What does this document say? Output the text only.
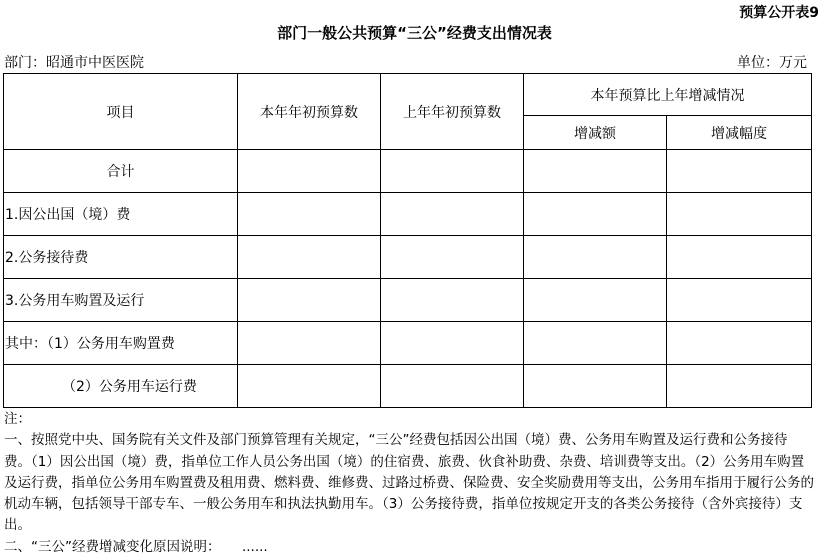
预算公开表9
部门一般公共预算“三公”经费支出情况表
部门：昭通市中医医院	单位：万元
项目	本年年初预算数	上年年初预算数	本年预算比上年增减情况	
			增减额	增减幅度
合计				
1.因公出国（境）费				
2.公务接待费				
3.公务用车购置及运行				
其中：（1）公务用车购置费				
（2）公务用车运行费				

注：

一、按照党中央、国务院有关文件及部门预算管理有关规定，“三公”经费包括因公出国（境）费、公务用车购置及运行费和公务接待费。（1）因公出国（境）费，指单位工作人员公务出国（境）的住宿费、旅费、伙食补助费、杂费、培训费等支出。（2）公务用车购置及运行费，指单位公务用车购置费及租用费、燃料费、维修费、过路过桥费、保险费、安全奖励费用等支出，公务用车指用于履行公务的机动车辆，包括领导干部专车、一般公务用车和执法执勤用车。（3）公务接待费，指单位按规定开支的各类公务接待（含外宾接待）支出。

二、“三公”经费增减变化原因说明：     ......
